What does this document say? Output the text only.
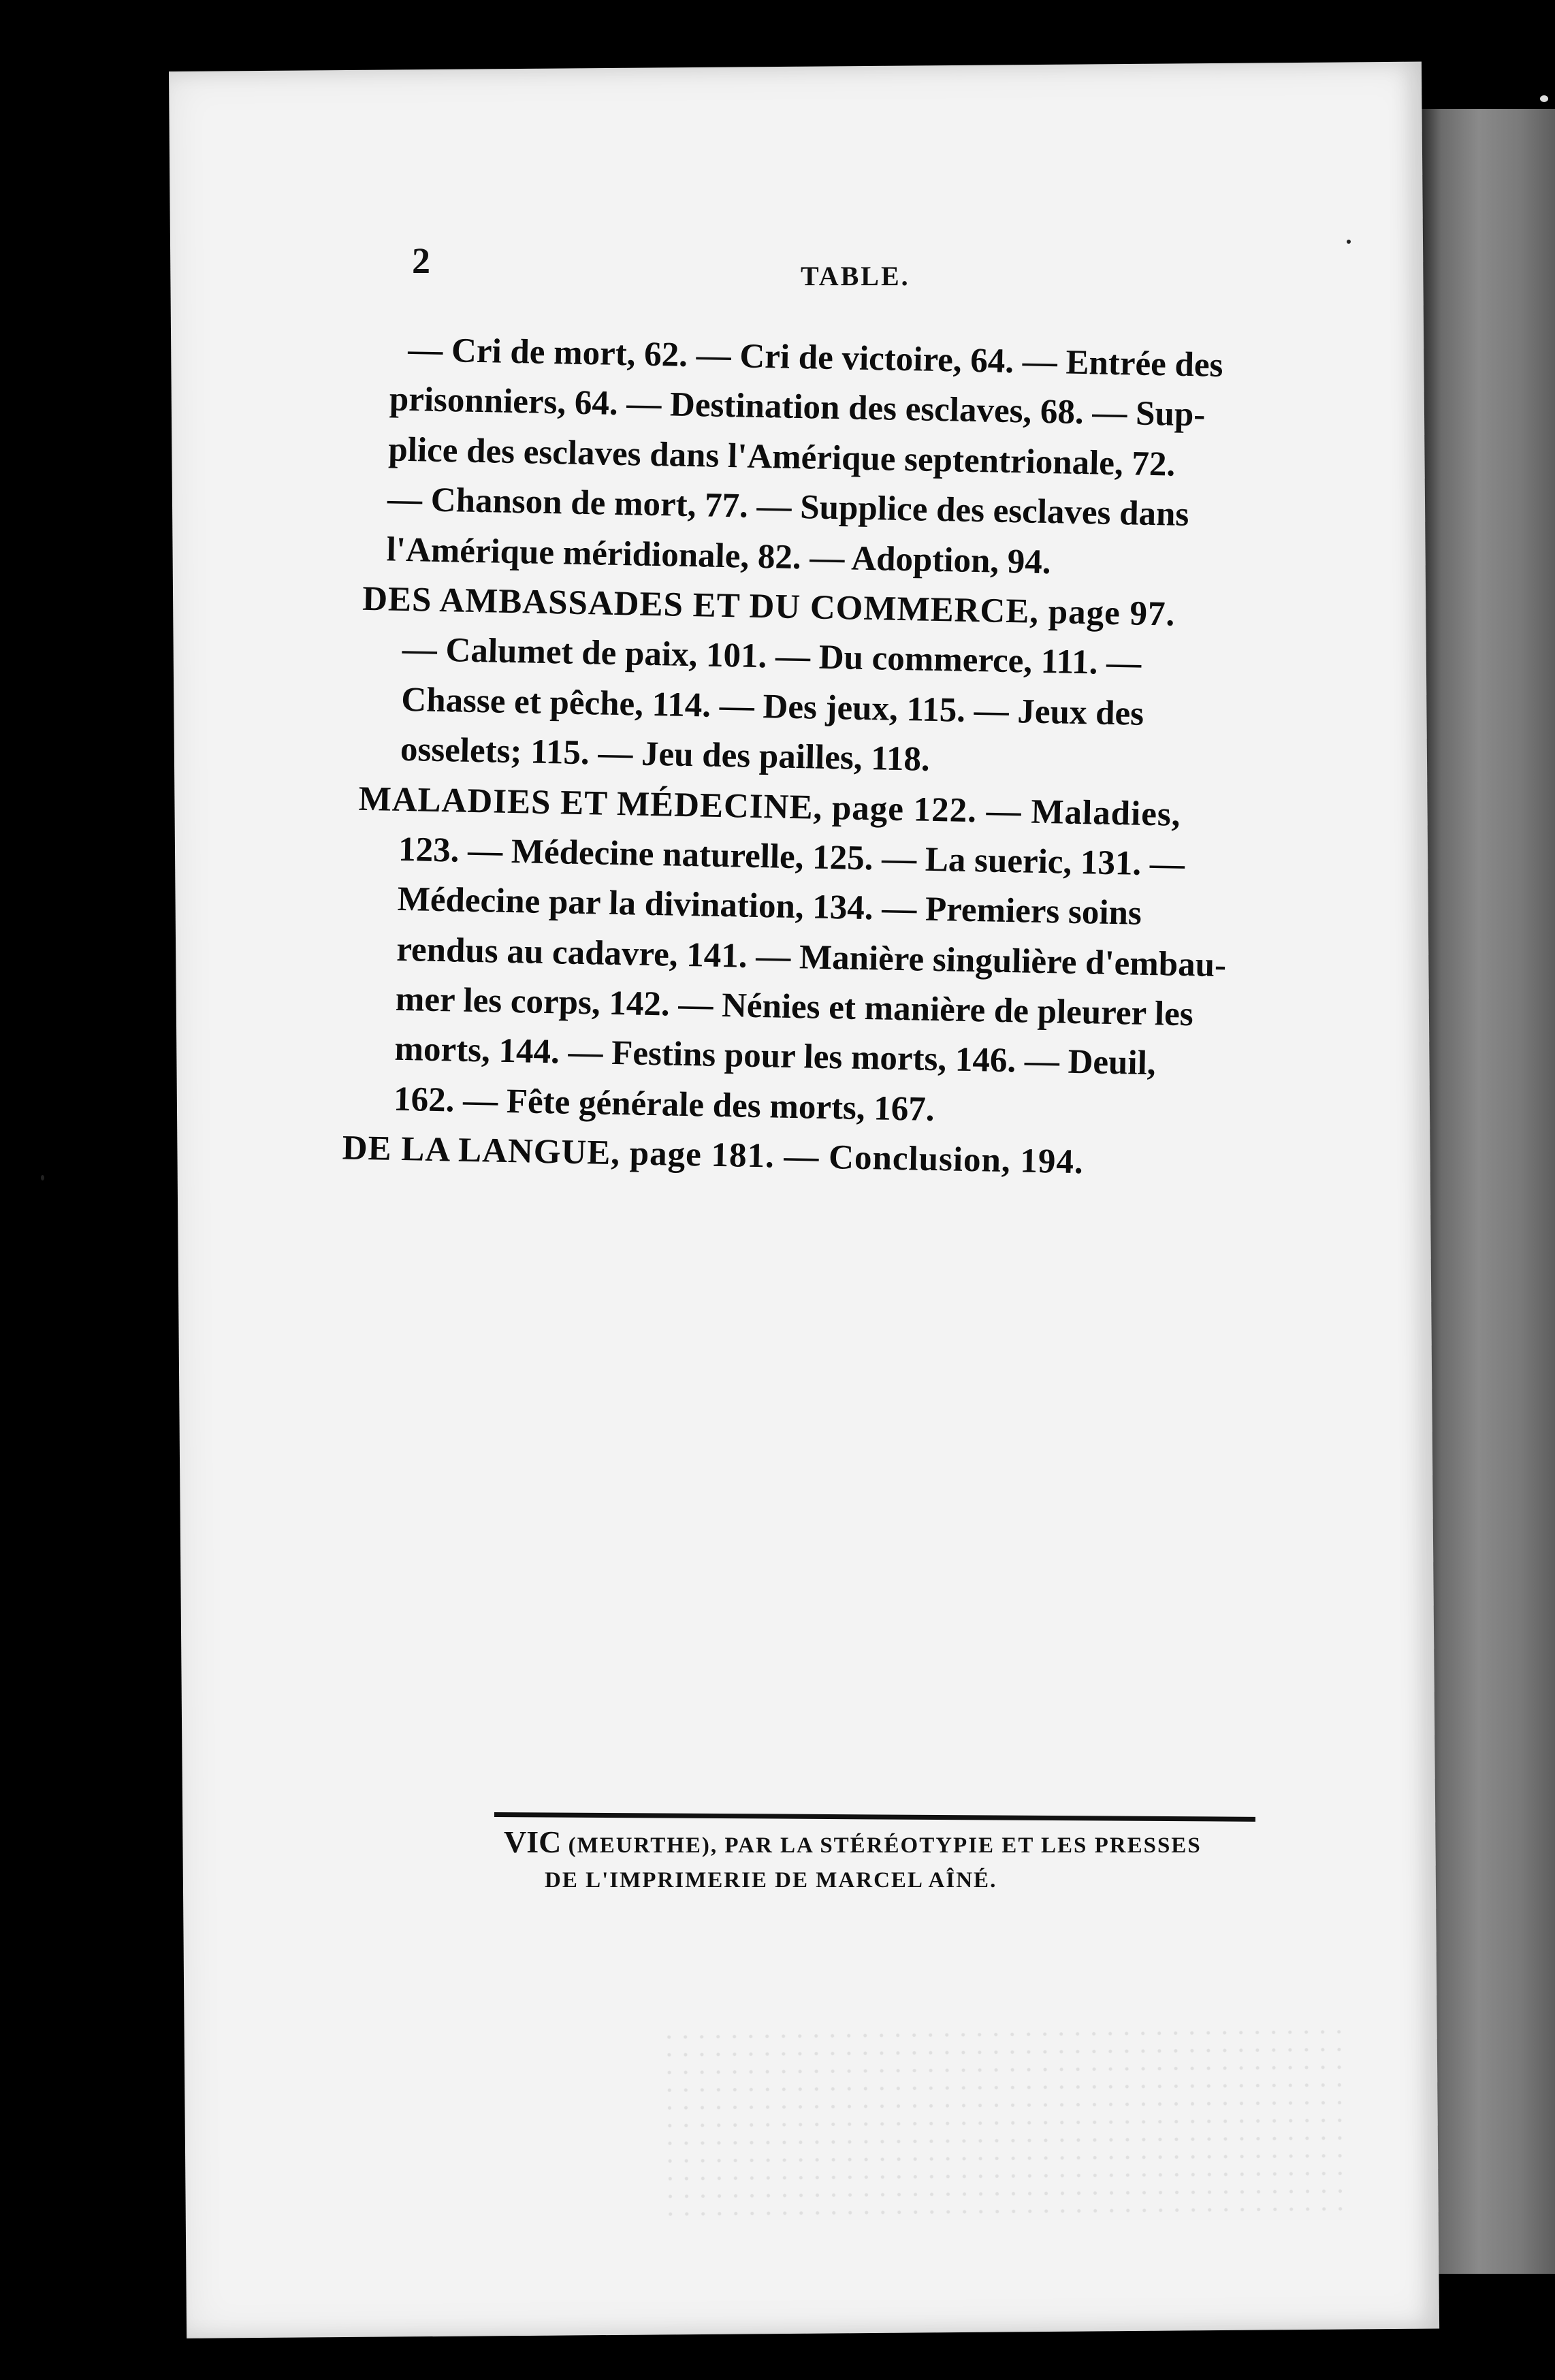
2	TABLE.
— Cri de mort, 62. — Cri de victoire, 64. — Entrée des
prisonniers, 64. — Destination des esclaves, 68. — Sup-
plice des esclaves dans l'Amérique septentrionale, 72.
— Chanson de mort, 77. — Supplice des esclaves dans
l'Amérique méridionale, 82. — Adoption, 94.
DES AMBASSADES ET DU COMMERCE, page 97.
— Calumet de paix, 101. — Du commerce, 111. —
Chasse et pêche, 114. — Des jeux, 115. — Jeux des
osselets; 115. — Jeu des pailles, 118.
MALADIES ET MÉDECINE, page 122. — Maladies,
123. — Médecine naturelle, 125. — La sueric, 131. —
Médecine par la divination, 134. — Premiers soins
rendus au cadavre, 141. — Manière singulière d'embau-
mer les corps, 142. — Nénies et manière de pleurer les
morts, 144. — Festins pour les morts, 146. — Deuil,
162. — Fête générale des morts, 167.
DE LA LANGUE, page 181. — Conclusion, 194.
VIC (MEURTHE), PAR LA STÉRÉOTYPIE ET LES PRESSES
DE L'IMPRIMERIE DE MARCEL AÎNÉ.
